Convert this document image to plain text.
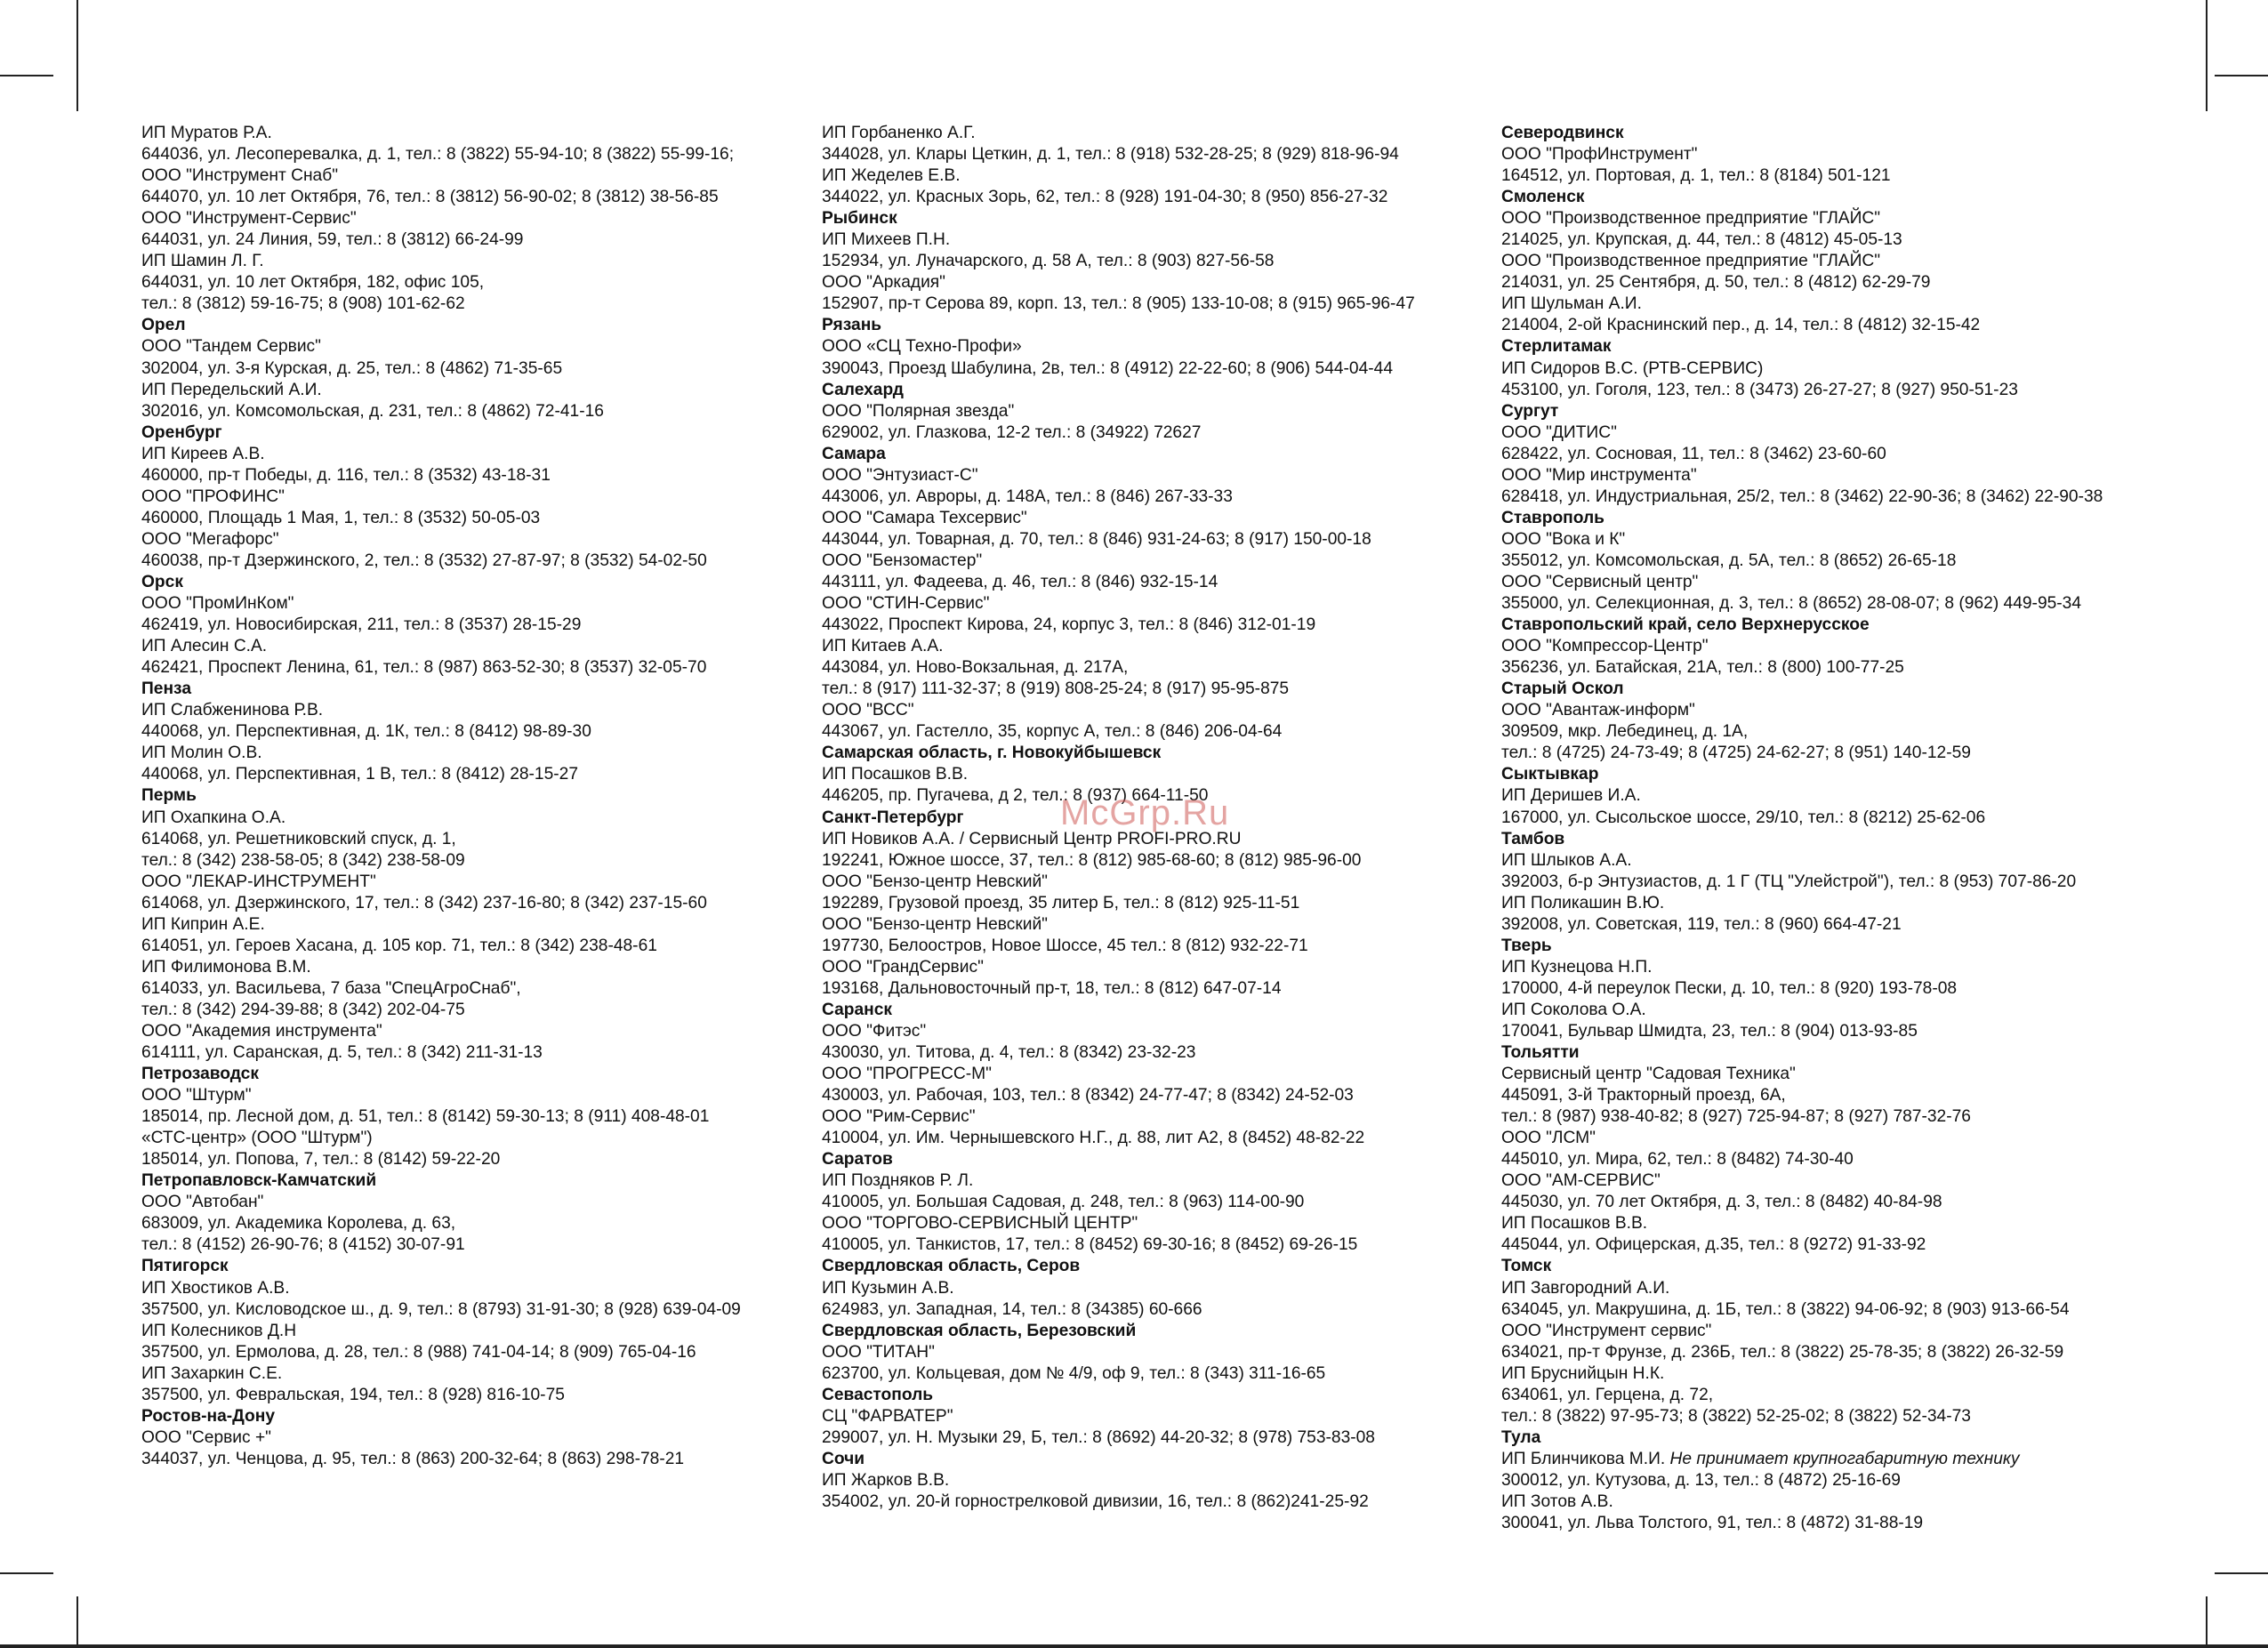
ИП Муратов Р.А.
644036, ул. Лесоперевалка, д. 1, тел.: 8 (3822) 55-94-10; 8 (3822) 55-99-16;
ООО "Инструмент Снаб"
644070, ул. 10 лет Октября, 76, тел.: 8 (3812) 56-90-02; 8 (3812) 38-56-85
ООО "Инструмент-Сервис"
644031, ул. 24 Линия, 59, тел.: 8 (3812) 66-24-99
ИП Шамин Л. Г.
644031, ул. 10 лет Октября, 182, офис 105,
тел.: 8 (3812) 59-16-75; 8 (908) 101-62-62
Орел
ООО "Тандем Сервис"
302004, ул. 3-я Курская, д. 25, тел.: 8 (4862) 71-35-65
ИП Передельский А.И.
302016, ул. Комсомольская, д. 231, тел.: 8 (4862) 72-41-16
Оренбург
ИП Киреев А.В.
460000, пр-т Победы, д. 116, тел.: 8 (3532) 43-18-31
ООО "ПРОФИНС"
460000, Площадь 1 Мая, 1, тел.: 8 (3532) 50-05-03
ООО "Мегафорс"
460038, пр-т Дзержинского, 2, тел.: 8 (3532) 27-87-97; 8 (3532) 54-02-50
Орск
ООО "ПромИнКом"
462419, ул. Новосибирская, 211, тел.: 8 (3537) 28-15-29
ИП Алесин С.А.
462421, Проспект Ленина, 61, тел.: 8 (987) 863-52-30; 8 (3537) 32-05-70
Пенза
ИП Слабженинова Р.В.
440068, ул. Перспективная, д. 1К, тел.: 8 (8412) 98-89-30
ИП Молин О.В.
440068, ул. Перспективная, 1 В, тел.: 8 (8412) 28-15-27
Пермь
ИП Охапкина О.А.
614068, ул. Решетниковский спуск, д. 1,
тел.: 8 (342) 238-58-05; 8 (342) 238-58-09
ООО "ЛЕКАР-ИНСТРУМЕНТ"
614068, ул. Дзержинского, 17, тел.: 8 (342) 237-16-80; 8 (342) 237-15-60
ИП Киприн А.Е.
614051, ул. Героев Хасана, д. 105 кор. 71, тел.: 8 (342) 238-48-61
ИП Филимонова В.М.
614033, ул. Васильева, 7 база "СпецАгроСнаб",
тел.: 8 (342) 294-39-88; 8 (342) 202-04-75
ООО "Академия инструмента"
614111, ул. Саранская, д. 5, тел.: 8 (342) 211-31-13
Петрозаводск
ООО "Штурм"
185014, пр. Лесной дом, д. 51, тел.: 8 (8142) 59-30-13; 8 (911) 408-48-01
«СТС-центр» (ООО "Штурм")
185014, ул. Попова, 7, тел.: 8 (8142) 59-22-20
Петропавловск-Камчатский
ООО "Автобан"
683009, ул. Академика Королева, д. 63,
тел.: 8 (4152) 26-90-76; 8 (4152) 30-07-91
Пятигорск
ИП Хвостиков А.В.
357500, ул. Кисловодское ш., д. 9, тел.: 8 (8793) 31-91-30; 8 (928) 639-04-09
ИП Колесников Д.Н
357500, ул. Ермолова, д. 28, тел.: 8 (988) 741-04-14; 8 (909) 765-04-16
ИП Захаркин С.Е.
357500, ул. Февральская, 194, тел.: 8 (928) 816-10-75
Ростов-на-Дону
ООО "Сервис +"
344037, ул. Ченцова, д. 95, тел.: 8 (863) 200-32-64; 8 (863) 298-78-21
ИП Горбаненко А.Г.
344028, ул. Клары Цеткин, д. 1, тел.: 8 (918) 532-28-25; 8 (929) 818-96-94
ИП Жеделев Е.В.
344022, ул. Красных Зорь, 62, тел.: 8 (928) 191-04-30; 8 (950) 856-27-32
Рыбинск
ИП Михеев П.Н.
152934, ул. Луначарского, д. 58 А, тел.: 8 (903) 827-56-58
ООО "Аркадия"
152907, пр-т Серова 89, корп. 13, тел.: 8 (905) 133-10-08; 8 (915) 965-96-47
Рязань
ООО «СЦ Техно-Профи»
390043, Проезд Шабулина, 2в, тел.: 8 (4912) 22-22-60; 8 (906) 544-04-44
Салехард
ООО "Полярная звезда"
629002, ул. Глазкова, 12-2 тел.: 8 (34922) 72627
Самара
ООО "Энтузиаст-С"
443006, ул. Авроры, д. 148А, тел.: 8 (846) 267-33-33
ООО "Самара Техсервис"
443044, ул. Товарная, д. 70, тел.: 8 (846) 931-24-63; 8 (917) 150-00-18
ООО "Бензомастер"
443111, ул. Фадеева, д. 46, тел.: 8 (846) 932-15-14
ООО "СТИН-Сервис"
443022, Проспект Кирова, 24, корпус 3, тел.: 8 (846) 312-01-19
ИП Китаев А.А.
443084, ул. Ново-Вокзальная, д. 217А,
тел.: 8 (917) 111-32-37; 8 (919) 808-25-24; 8 (917) 95-95-875
ООО "ВСС"
443067, ул. Гастелло, 35, корпус А, тел.: 8 (846) 206-04-64
Самарская область, г. Новокуйбышевск
ИП Посашков В.В.
446205, пр. Пугачева, д 2, тел.: 8 (937) 664-11-50
Санкт-Петербург
ИП Новиков А.А. / Сервисный Центр PROFI-PRO.RU
192241, Южное шоссе, 37, тел.: 8 (812) 985-68-60; 8 (812) 985-96-00
ООО "Бензо-центр Невский"
192289, Грузовой проезд, 35 литер Б, тел.: 8 (812) 925-11-51
ООО "Бензо-центр Невский"
197730, Белоостров, Новое Шоссе, 45 тел.: 8 (812) 932-22-71
ООО "ГрандСервис"
193168, Дальновосточный пр-т, 18, тел.: 8 (812) 647-07-14
Саранск
ООО "Фитэс"
430030, ул. Титова, д. 4, тел.: 8 (8342) 23-32-23
ООО "ПРОГРЕСС-М"
430003, ул. Рабочая, 103, тел.: 8 (8342) 24-77-47; 8 (8342) 24-52-03
ООО "Рим-Сервис"
410004, ул. Им. Чернышевского Н.Г., д. 88, лит А2, 8 (8452) 48-82-22
Саратов
ИП Поздняков Р. Л.
410005, ул. Большая Садовая, д. 248, тел.: 8 (963) 114-00-90
ООО "ТОРГОВО-СЕРВИСНЫЙ ЦЕНТР"
410005, ул. Танкистов, 17, тел.: 8 (8452) 69-30-16; 8 (8452) 69-26-15
Свердловская область, Серов
ИП Кузьмин А.В.
624983, ул. Западная, 14, тел.: 8 (34385) 60-666
Свердловская область, Березовский
ООО "ТИТАН"
623700, ул. Кольцевая, дом № 4/9, оф 9, тел.: 8 (343) 311-16-65
Севастополь
СЦ "ФАРВАТЕР"
299007, ул. Н. Музыки 29, Б, тел.: 8 (8692) 44-20-32; 8 (978) 753-83-08
Сочи
ИП Жарков В.В.
354002, ул. 20-й горнострелковой дивизии, 16, тел.: 8 (862)241-25-92
Северодвинск
ООО "ПрофИнструмент"
164512, ул. Портовая, д. 1, тел.: 8 (8184) 501-121
Смоленск
ООО "Производственное предприятие "ГЛАЙС"
214025, ул. Крупская, д. 44, тел.: 8 (4812) 45-05-13
ООО "Производственное предприятие "ГЛАЙС"
214031, ул. 25 Сентября, д. 50, тел.: 8 (4812) 62-29-79
ИП Шульман А.И.
214004, 2-ой Краснинский пер., д. 14, тел.: 8 (4812) 32-15-42
Стерлитамак
ИП Сидоров В.С. (РТВ-СЕРВИС)
453100, ул. Гоголя, 123, тел.: 8 (3473) 26-27-27; 8 (927) 950-51-23
Сургут
ООО "ДИТИС"
628422, ул. Сосновая, 11, тел.: 8 (3462) 23-60-60
ООО "Мир инструмента"
628418, ул. Индустриальная, 25/2, тел.: 8 (3462) 22-90-36; 8 (3462) 22-90-38
Ставрополь
ООО "Вока и К"
355012, ул. Комсомольская, д. 5А, тел.: 8 (8652) 26-65-18
ООО "Сервисный центр"
355000, ул. Селекционная, д. 3, тел.: 8 (8652) 28-08-07; 8 (962) 449-95-34
Ставропольский край, село Верхнерусское
ООО "Компрессор-Центр"
356236, ул. Батайская, 21А, тел.: 8 (800) 100-77-25
Старый Оскол
ООО "Авантаж-информ"
309509, мкр. Лебединец, д. 1А,
тел.: 8 (4725) 24-73-49; 8 (4725) 24-62-27; 8 (951) 140-12-59
Сыктывкар
ИП Деришев И.А.
167000, ул. Сысольское шоссе, 29/10, тел.: 8 (8212) 25-62-06
Тамбов
ИП Шлыков А.А.
392003, б-р Энтузиастов, д. 1 Г (ТЦ "Улейстрой"), тел.: 8 (953) 707-86-20
ИП Поликашин В.Ю.
392008, ул. Советская, 119, тел.: 8 (960) 664-47-21
Тверь
ИП Кузнецова Н.П.
170000, 4-й переулок Пески, д. 10, тел.: 8 (920) 193-78-08
ИП Соколова О.А.
170041, Бульвар Шмидта, 23, тел.: 8 (904) 013-93-85
Тольятти
Сервисный центр "Садовая Техника"
445091, 3-й Тракторный проезд, 6А,
тел.: 8 (987) 938-40-82; 8 (927) 725-94-87; 8 (927) 787-32-76
ООО "ЛСМ"
445010, ул. Мира, 62, тел.: 8 (8482) 74-30-40
ООО "АМ-СЕРВИС"
445030, ул. 70 лет Октября, д. 3, тел.: 8 (8482) 40-84-98
ИП Посашков В.В.
445044, ул. Офицерская, д.35, тел.: 8 (9272) 91-33-92
Томск
ИП Завгородний А.И.
634045, ул. Макрушина, д. 1Б, тел.: 8 (3822) 94-06-92; 8 (903) 913-66-54
ООО "Инструмент сервис"
634021, пр-т Фрунзе, д. 236Б, тел.: 8 (3822) 25-78-35; 8 (3822) 26-32-59
ИП Бруснийцын Н.К.
634061, ул. Герцена, д. 72,
тел.: 8 (3822) 97-95-73; 8 (3822) 52-25-02; 8 (3822) 52-34-73
Тула
ИП Блинчикова М.И. Не принимает крупногабаритную технику
300012, ул. Кутузова, д. 13, тел.: 8 (4872) 25-16-69
ИП Зотов А.В.
300041, ул. Льва Толстого, 91, тел.: 8 (4872) 31-88-19
McGrp.Ru
